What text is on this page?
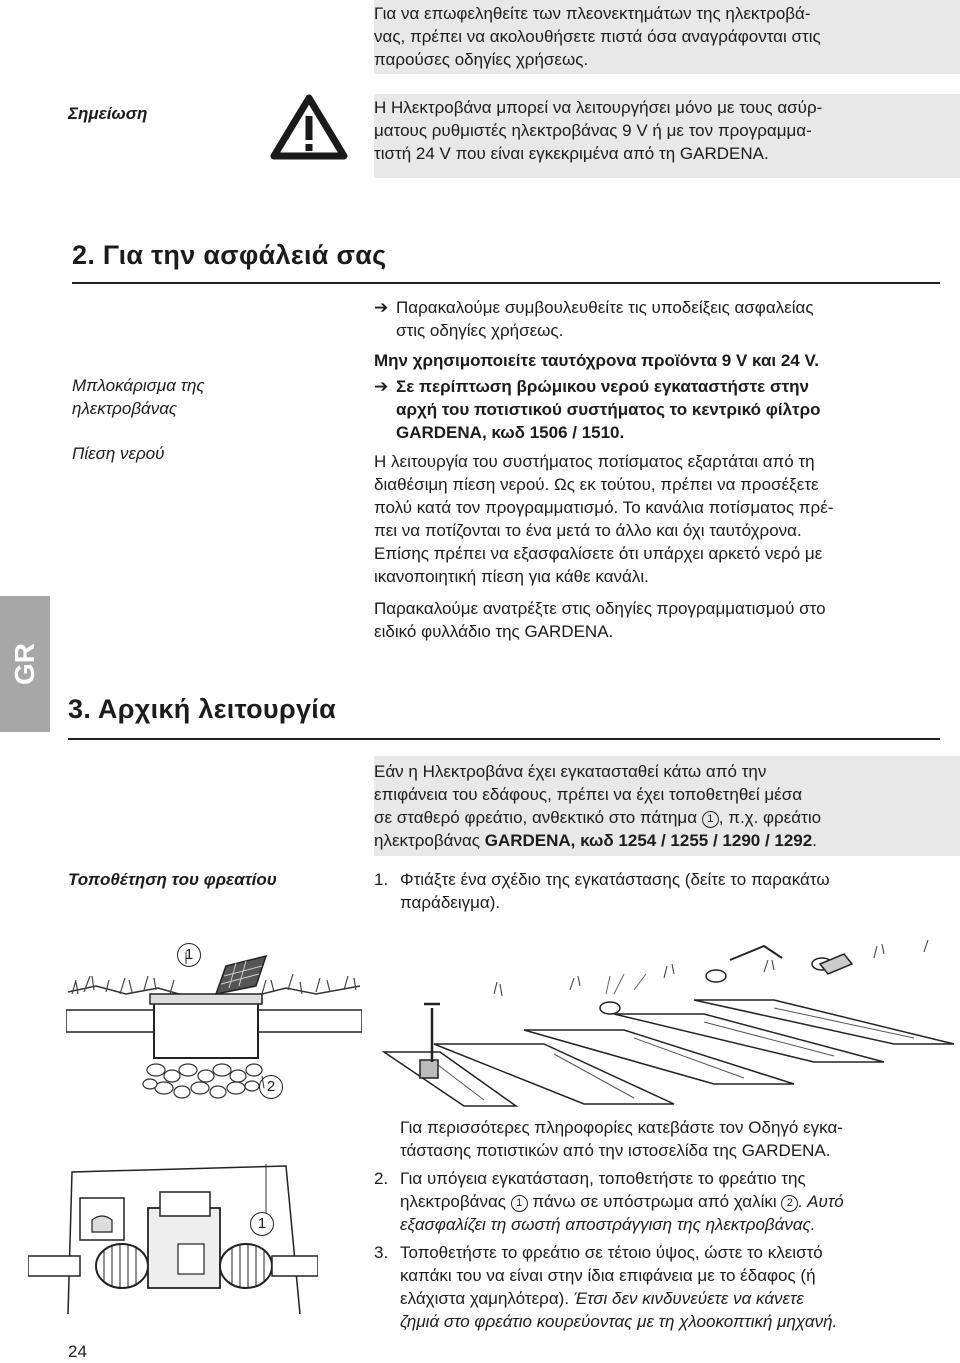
Για να επωφεληθείτε των πλεονεκτημάτων της ηλεκτροβά-

νας, πρέπει να ακολουθήσετε πιστά όσα αναγράφονται στις

παρούσες οδηγίες χρήσεως.

Σημείωση	Η Ηλεκτροβάνα μπορεί να λειτουργήσει μόνο με τους ασύρ-

ματους ρυθμιστές ηλεκτροβάνας 9 V ή με τον προγραμμα-

τιστή 24 V που είναι εγκεκριμένα από τη GARDENA.

2. Για την ασφάλειά σας

➔ Παρακαλούμε συμβουλευθείτε τις υποδείξεις ασφαλείας

στις οδηγίες χρήσεως.

Μην χρησιμοποιείτε ταυτόχρονα προϊόντα 9 V και 24 V.

➔ Σε περίπτωση βρώμικου νερού εγκαταστήστε στην

αρχή του ποτιστικού συστήματος το κεντρικό φίλτρο

GARDENA, κωδ 1506 / 1510.

Η λειτουργία του συστήματος ποτίσματος εξαρτάται από τη

διαθέσιμη πίεση νερού. Ως εκ τούτου, πρέπει να προσέξετε

πολύ κατά τον προγραμματισμό. Το κανάλια ποτίσματος πρέ-

πει να ποτίζονται το ένα μετά το άλλο και όχι ταυτόχρονα.

Επίσης πρέπει να εξασφαλίσετε ότι υπάρχει αρκετό νερό με

ικανοποιητική πίεση για κάθε κανάλι.

Παρακαλούμε ανατρέξτε στις οδηγίες προγραμματισμού στο

ειδικό φυλλάδιο της GARDENA.

Μπλοκάρισμα της
ηλεκτροβάνας
Πίεση νερού
GR
3. Αρχική λειτουργία

Εάν η Ηλεκτροβάνα έχει εγκατασταθεί κάτω από την

επιφάνεια του εδάφους, πρέπει να έχει τοποθετηθεί μέσα

σε σταθερό φρεάτιο, ανθεκτικό στο πάτημα 1 , π.χ. φρεάτιο

ηλεκτροβάνας GARDENA, κωδ 1254 / 1255 / 1290 / 1292.

Τοποθέτηση του φρεατίου	1. Φτιάξτε ένα σχέδιο της εγκατάστασης (δείτε το παρακάτω

παράδειγμα).

Για περισσότερες πληροφορίες κατεβάστε τον Οδηγό εγκα-

τάστασης ποτιστικών από την ιστοσελίδα της GARDENA.

2. Για υπόγεια εγκατάσταση, τοποθετήστε το φρεάτιο της

ηλεκτροβάνας 1 πάνω σε υπόστρωμα από χαλίκι 2 . Αυτό

εξασφαλίζει τη σωστή αποστράγγιση της ηλεκτροβάνας.

3. Τοποθετήστε το φρεάτιο σε τέτοιο ύψος, ώστε το κλειστό

καπάκι του να είναι στην ίδια επιφάνεια με το έδαφος (ή

ελάχιστα χαμηλότερα). Έτσι δεν κινδυνεύετε να κάνετε

ζημιά στο φρεάτιο κουρεύοντας με τη χλοοκοπτική μηχανή.

1
2
1
24
